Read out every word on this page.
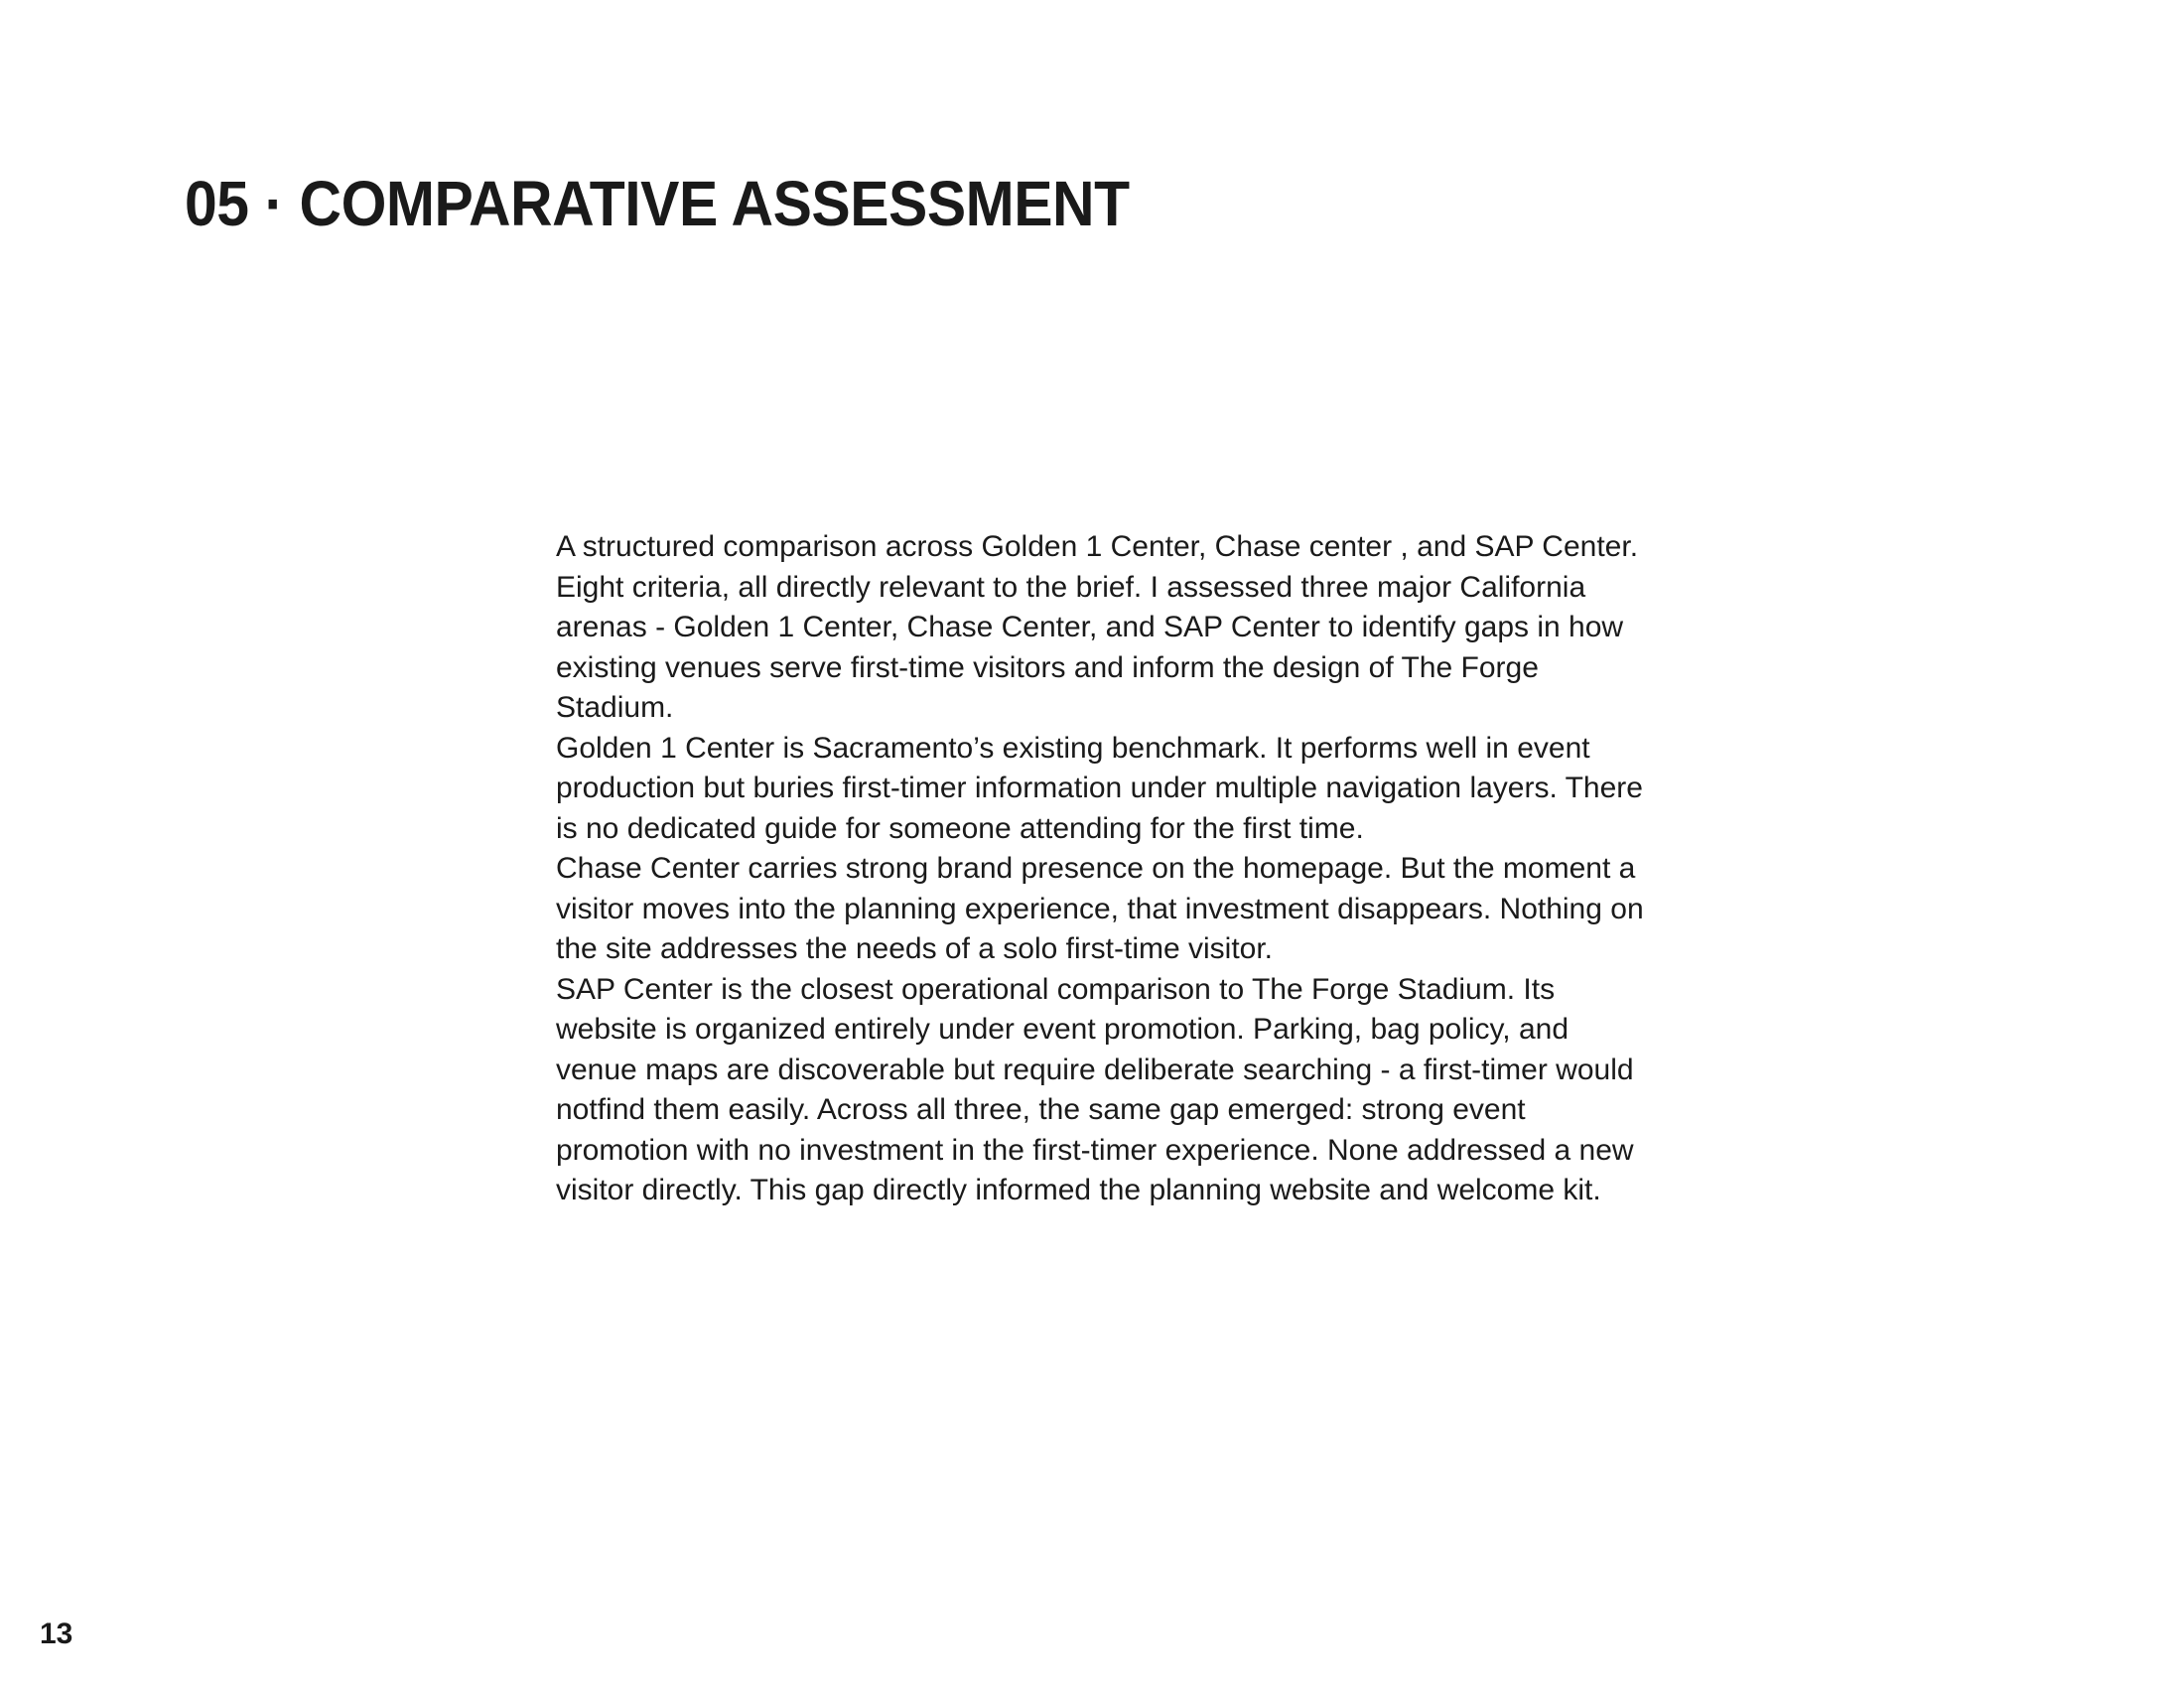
05 · COMPARATIVE ASSESSMENT

A structured comparison across Golden 1 Center, Chase center , and SAP Center. Eight criteria, all directly relevant to the brief. I assessed three major California arenas - Golden 1 Center, Chase Center, and SAP Center to identify gaps in how existing venues serve first-time visitors and inform the design of The Forge Stadium.

Golden 1 Center is Sacramento’s existing benchmark. It performs well in event production but buries first-timer information under multiple navigation layers. There is no dedicated guide for someone attending for the first time.

Chase Center carries strong brand presence on the homepage. But the moment a visitor moves into the planning experience, that investment disappears. Nothing on the site addresses the needs of a solo first-time visitor.

SAP Center is the closest operational comparison to The Forge Stadium. Its website is organized entirely under event promotion. Parking, bag policy, and venue maps are discoverable but require deliberate searching - a first-timer would notfind them easily. Across all three, the same gap emerged: strong event promotion with no investment in the first-timer experience. None addressed a new visitor directly. This gap directly informed the planning website and welcome kit.

13
